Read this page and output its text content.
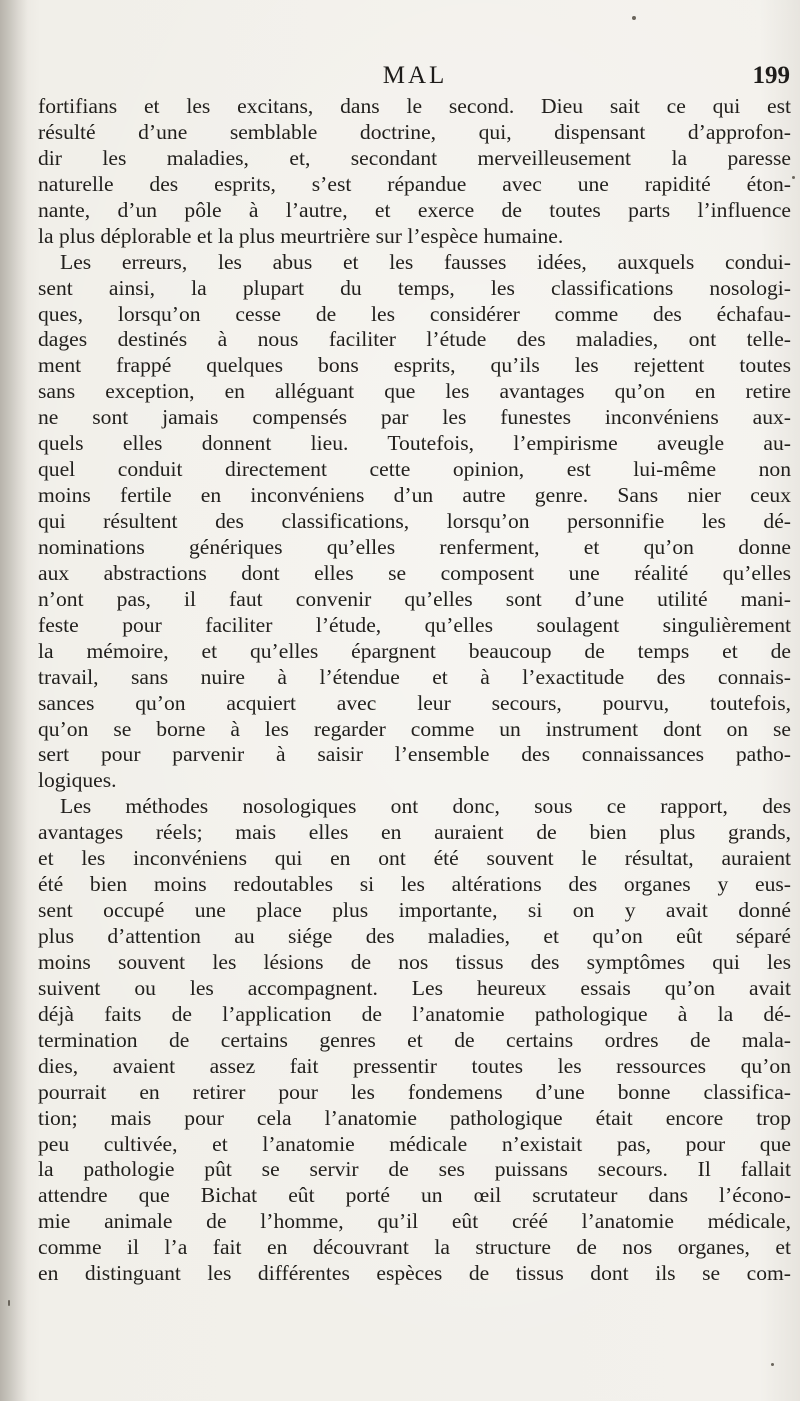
MAL	199
fortifians et les excitans, dans le second. Dieu sait ce qui est
résulté d’une semblable doctrine, qui, dispensant d’approfon-
dir les maladies, et, secondant merveilleusement la paresse
naturelle des esprits, s’est répandue avec une rapidité éton-
nante, d’un pôle à l’autre, et exerce de toutes parts l’influence
la plus déplorable et la plus meurtrière sur l’espèce humaine.
Les erreurs, les abus et les fausses idées, auxquels condui-
sent ainsi, la plupart du temps, les classifications nosologi-
ques, lorsqu’on cesse de les considérer comme des échafau-
dages destinés à nous faciliter l’étude des maladies, ont telle-
ment frappé quelques bons esprits, qu’ils les rejettent toutes
sans exception, en alléguant que les avantages qu’on en retire
ne sont jamais compensés par les funestes inconvéniens aux-
quels elles donnent lieu. Toutefois, l’empirisme aveugle au-
quel conduit directement cette opinion, est lui-même non
moins fertile en inconvéniens d’un autre genre. Sans nier ceux
qui résultent des classifications, lorsqu’on personnifie les dé-
nominations génériques qu’elles renferment, et qu’on donne
aux abstractions dont elles se composent une réalité qu’elles
n’ont pas, il faut convenir qu’elles sont d’une utilité mani-
feste pour faciliter l’étude, qu’elles soulagent singulièrement
la mémoire, et qu’elles épargnent beaucoup de temps et de
travail, sans nuire à l’étendue et à l’exactitude des connais-
sances qu’on acquiert avec leur secours, pourvu, toutefois,
qu’on se borne à les regarder comme un instrument dont on se
sert pour parvenir à saisir l’ensemble des connaissances patho-
logiques.
Les méthodes nosologiques ont donc, sous ce rapport, des
avantages réels; mais elles en auraient de bien plus grands,
et les inconvéniens qui en ont été souvent le résultat, auraient
été bien moins redoutables si les altérations des organes y eus-
sent occupé une place plus importante, si on y avait donné
plus d’attention au siége des maladies, et qu’on eût séparé
moins souvent les lésions de nos tissus des symptômes qui les
suivent ou les accompagnent. Les heureux essais qu’on avait
déjà faits de l’application de l’anatomie pathologique à la dé-
termination de certains genres et de certains ordres de mala-
dies, avaient assez fait pressentir toutes les ressources qu’on
pourrait en retirer pour les fondemens d’une bonne classifica-
tion; mais pour cela l’anatomie pathologique était encore trop
peu cultivée, et l’anatomie médicale n’existait pas, pour que
la pathologie pût se servir de ses puissans secours. Il fallait
attendre que Bichat eût porté un œil scrutateur dans l’écono-
mie animale de l’homme, qu’il eût créé l’anatomie médicale,
comme il l’a fait en découvrant la structure de nos organes, et
en distinguant les différentes espèces de tissus dont ils se com-
